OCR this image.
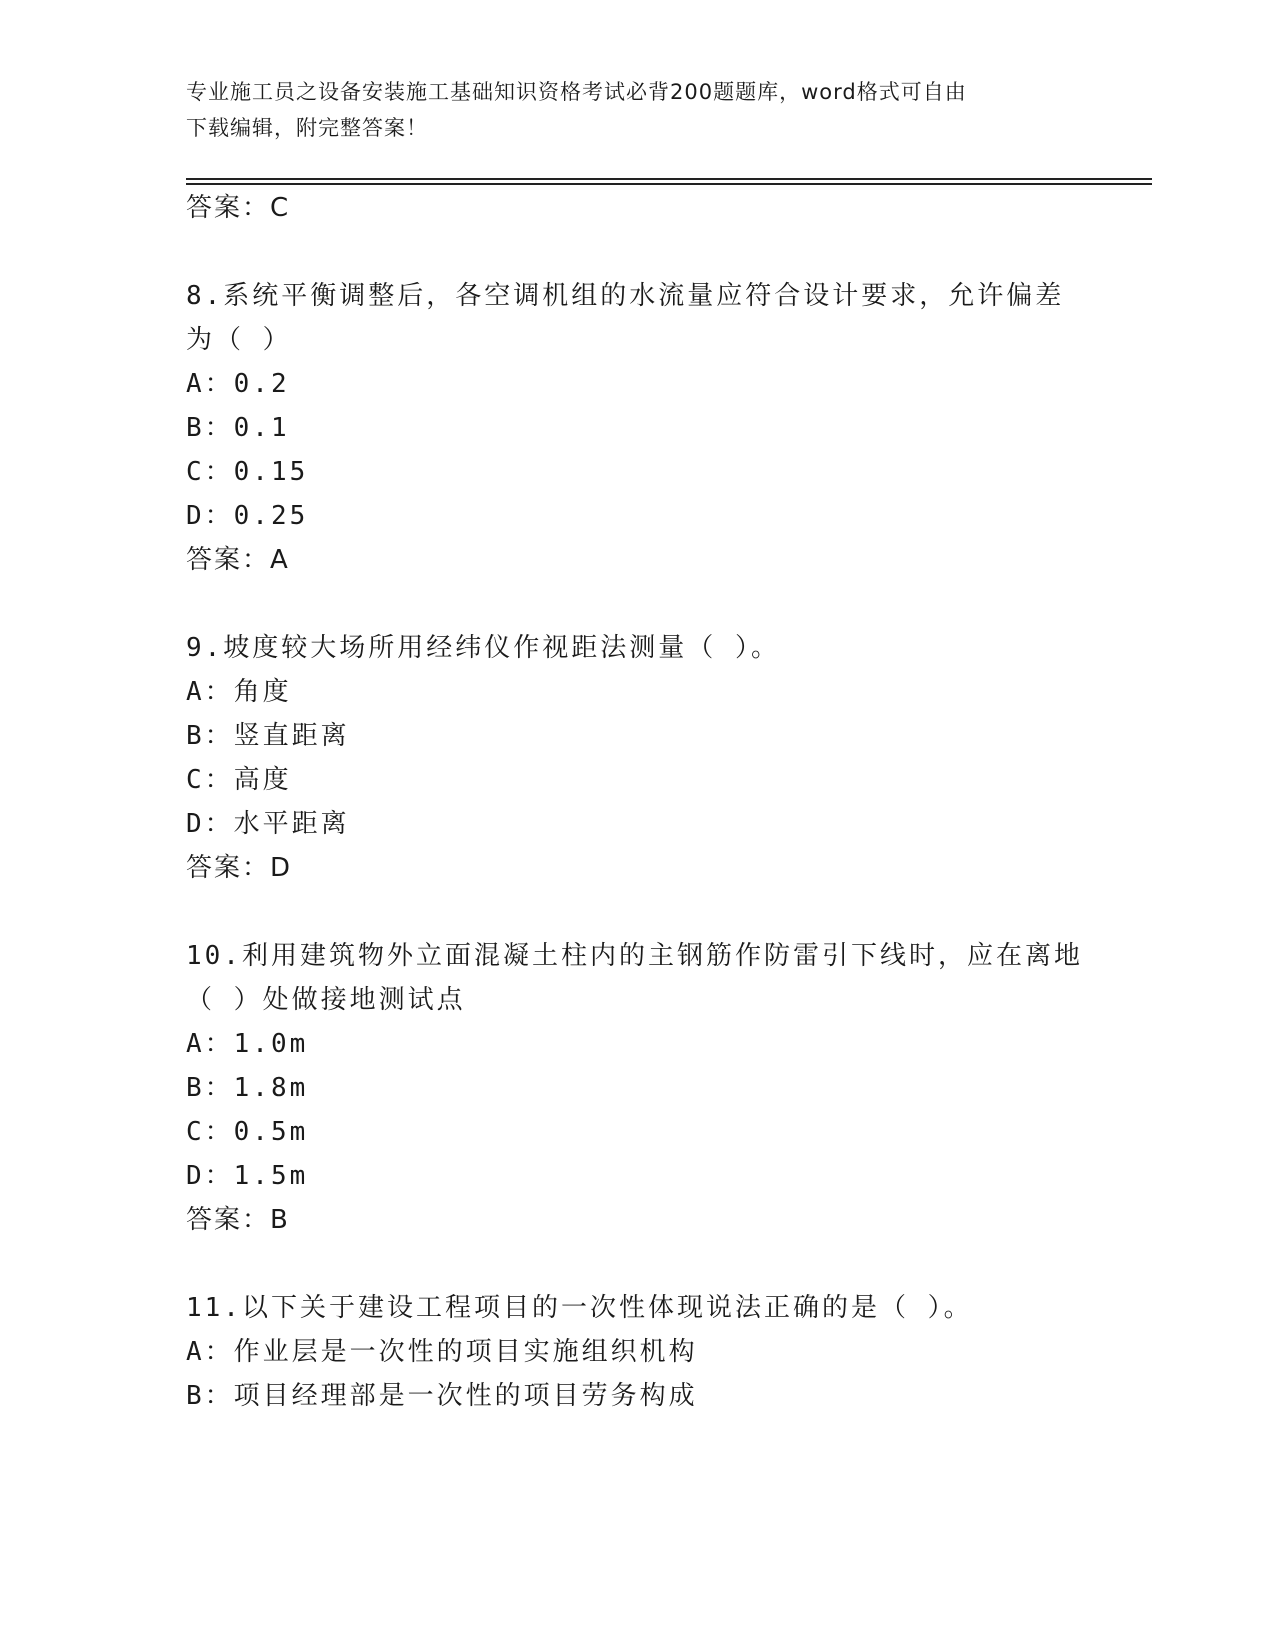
专业施工员之设备安装施工基础知识资格考试必背200题题库，word格式可自由
下载编辑，附完整答案！
答案：C
8.系统平衡调整后，各空调机组的水流量应符合设计要求，允许偏差
为（ ）
A：0.2
B：0.1
C：0.15
D：0.25
答案：A
9.坡度较大场所用经纬仪作视距法测量（ ）。
A：角度
B：竖直距离
C：高度
D：水平距离
答案：D
10.利用建筑物外立面混凝土柱内的主钢筋作防雷引下线时，应在离地
（ ）处做接地测试点
A：1.0m
B：1.8m
C：0.5m
D：1.5m
答案：B
11.以下关于建设工程项目的一次性体现说法正确的是（ ）。
A：作业层是一次性的项目实施组织机构
B：项目经理部是一次性的项目劳务构成
